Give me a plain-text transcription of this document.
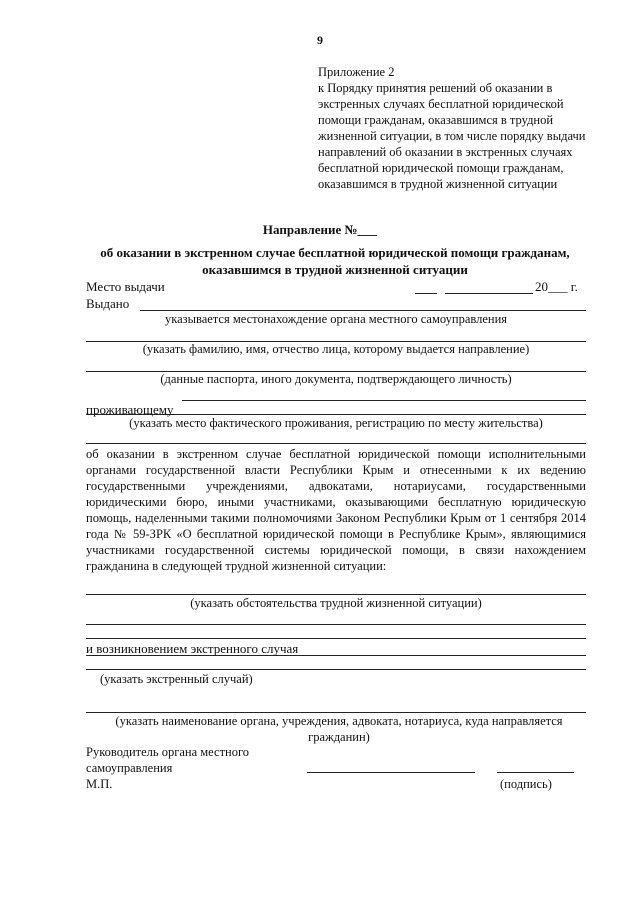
9
Приложение 2
к Порядку принятия решений об оказании в экстренных случаях бесплатной юридической помощи гражданам, оказавшимся в трудной жизненной ситуации, в том числе порядку выдачи направлений об оказании в экстренных случаях бесплатной юридической помощи гражданам, оказавшимся в трудной жизненной ситуации
Направление №___
об оказании в экстренном случае бесплатной юридической помощи гражданам, оказавшимся в трудной жизненной ситуации
Место выдачи	20___ г.
Выдано
указывается местонахождение органа местного самоуправления
(указать фамилию, имя, отчество лица, которому выдается направление)
(данные паспорта, иного документа, подтверждающего личность)
проживающему
(указать место фактического проживания, регистрацию по месту жительства)
об оказании в экстренном случае бесплатной юридической помощи исполнительными органами государственной власти Республики Крым и отнесенными к их ведению государственными учреждениями, адвокатами, нотариусами, государственными юридическими бюро, иными участниками, оказывающими бесплатную юридическую помощь, наделенными такими полномочиями Законом Республики Крым от 1 сентября 2014 года № 59-ЗРК «О бесплатной юридической помощи в Республике Крым», являющимися участниками государственной системы юридической помощи, в связи нахождением гражданина в следующей трудной жизненной ситуации:
(указать обстоятельства трудной жизненной ситуации)
и возникновением экстренного случая
(указать экстренный случай)
(указать наименование органа, учреждения, адвоката, нотариуса, куда направляется гражданин)
Руководитель органа местного
самоуправления
М.П.	(подпись)
